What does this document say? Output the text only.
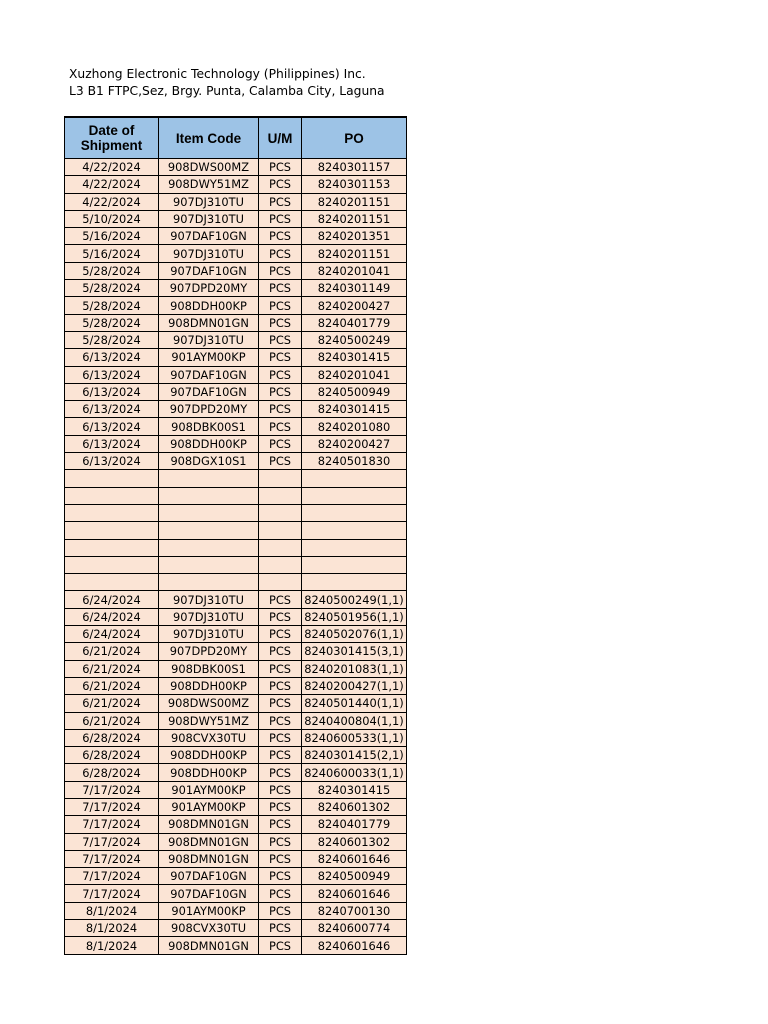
Xuzhong Electronic Technology (Philippines) Inc.
L3 B1 FTPC,Sez, Brgy. Punta, Calamba City, Laguna
Date of Shipment	Item Code	U/M	PO
4/22/2024	908DWS00MZ	PCS	8240301157
4/22/2024	908DWY51MZ	PCS	8240301153
4/22/2024	907DJ310TU	PCS	8240201151
5/10/2024	907DJ310TU	PCS	8240201151
5/16/2024	907DAF10GN	PCS	8240201351
5/16/2024	907DJ310TU	PCS	8240201151
5/28/2024	907DAF10GN	PCS	8240201041
5/28/2024	907DPD20MY	PCS	8240301149
5/28/2024	908DDH00KP	PCS	8240200427
5/28/2024	908DMN01GN	PCS	8240401779
5/28/2024	907DJ310TU	PCS	8240500249
6/13/2024	901AYM00KP	PCS	8240301415
6/13/2024	907DAF10GN	PCS	8240201041
6/13/2024	907DAF10GN	PCS	8240500949
6/13/2024	907DPD20MY	PCS	8240301415
6/13/2024	908DBK00S1	PCS	8240201080
6/13/2024	908DDH00KP	PCS	8240200427
6/13/2024	908DGX10S1	PCS	8240501830

6/24/2024	907DJ310TU	PCS	8240500249(1,1)
6/24/2024	907DJ310TU	PCS	8240501956(1,1)
6/24/2024	907DJ310TU	PCS	8240502076(1,1)
6/21/2024	907DPD20MY	PCS	8240301415(3,1)
6/21/2024	908DBK00S1	PCS	8240201083(1,1)
6/21/2024	908DDH00KP	PCS	8240200427(1,1)
6/21/2024	908DWS00MZ	PCS	8240501440(1,1)
6/21/2024	908DWY51MZ	PCS	8240400804(1,1)
6/28/2024	908CVX30TU	PCS	8240600533(1,1)
6/28/2024	908DDH00KP	PCS	8240301415(2,1)
6/28/2024	908DDH00KP	PCS	8240600033(1,1)
7/17/2024	901AYM00KP	PCS	8240301415
7/17/2024	901AYM00KP	PCS	8240601302
7/17/2024	908DMN01GN	PCS	8240401779
7/17/2024	908DMN01GN	PCS	8240601302
7/17/2024	908DMN01GN	PCS	8240601646
7/17/2024	907DAF10GN	PCS	8240500949
7/17/2024	907DAF10GN	PCS	8240601646
8/1/2024	901AYM00KP	PCS	8240700130
8/1/2024	908CVX30TU	PCS	8240600774
8/1/2024	908DMN01GN	PCS	8240601646
